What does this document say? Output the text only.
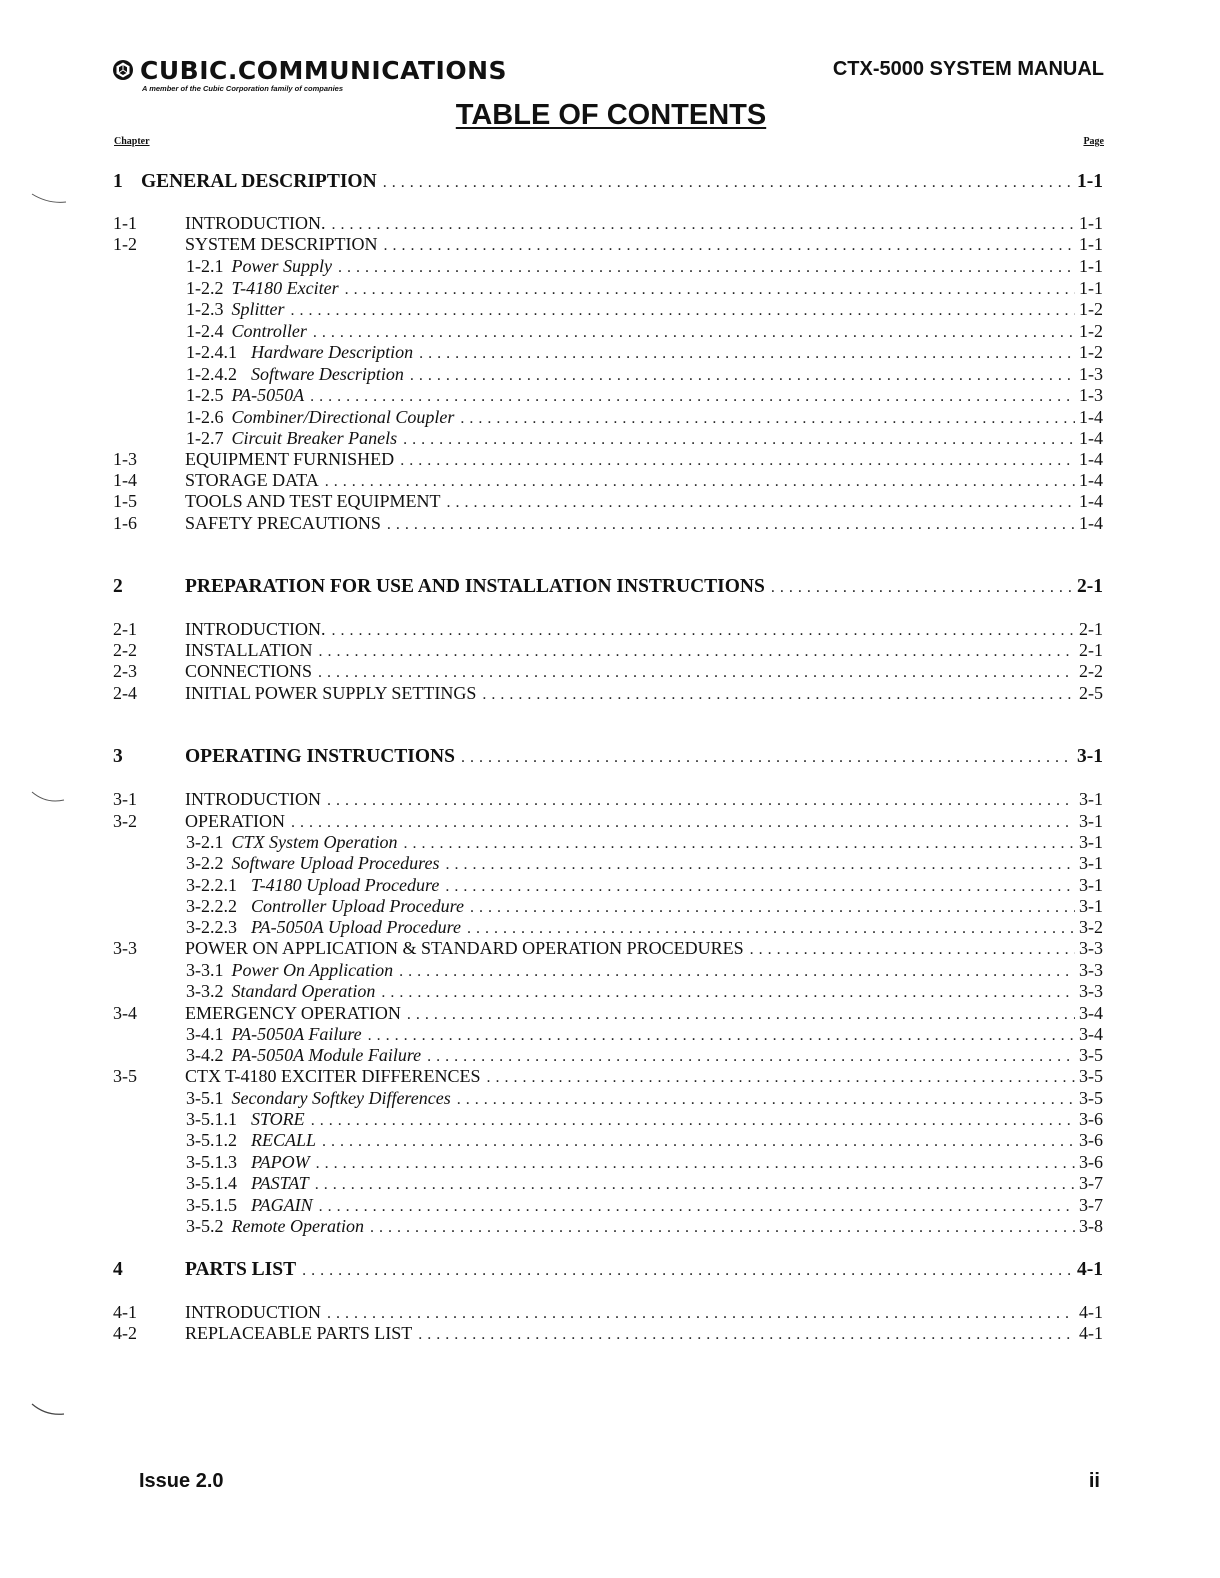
CUBIC.COMMUNICATIONS
A member of the Cubic Corporation family of companies
CTX-5000 SYSTEM MANUAL
TABLE OF CONTENTS
Chapter	Page
1 GENERAL DESCRIPTION . . .	1-1
1-1	INTRODUCTION. . . .	1-1
1-2	SYSTEM DESCRIPTION . . .	1-1
1-2.1 Power Supply . . .	1-1
1-2.2 T-4180 Exciter . . .	1-1
1-2.3 Splitter . . .	1-2
1-2.4 Controller . . .	1-2
1-2.4.1 Hardware Description . . .	1-2
1-2.4.2 Software Description . . .	1-3
1-2.5 PA-5050A . . .	1-3
1-2.6 Combiner/Directional Coupler . . .	1-4
1-2.7 Circuit Breaker Panels . . .	1-4
1-3	EQUIPMENT FURNISHED . . .	1-4
1-4	STORAGE DATA . . .	1-4
1-5	TOOLS AND TEST EQUIPMENT . . .	1-4
1-6	SAFETY PRECAUTIONS . . .	1-4
2	PREPARATION FOR USE AND INSTALLATION INSTRUCTIONS . . .	2-1
2-1	INTRODUCTION. . . .	2-1
2-2	INSTALLATION . . .	2-1
2-3	CONNECTIONS . . .	2-2
2-4	INITIAL POWER SUPPLY SETTINGS . . .	2-5
3	OPERATING INSTRUCTIONS . . .	3-1
3-1	INTRODUCTION . . .	3-1
3-2	OPERATION . . .	3-1
3-2.1 CTX System Operation . . .	3-1
3-2.2 Software Upload Procedures . . .	3-1
3-2.2.1 T-4180 Upload Procedure . . .	3-1
3-2.2.2 Controller Upload Procedure . . .	3-1
3-2.2.3 PA-5050A Upload Procedure . . .	3-2
3-3	POWER ON APPLICATION & STANDARD OPERATION PROCEDURES . . .	3-3
3-3.1 Power On Application . . .	3-3
3-3.2 Standard Operation . . .	3-3
3-4	EMERGENCY OPERATION . . .	3-4
3-4.1 PA-5050A Failure . . .	3-4
3-4.2 PA-5050A Module Failure . . .	3-5
3-5	CTX T-4180 EXCITER DIFFERENCES . . .	3-5
3-5.1 Secondary Softkey Differences . . .	3-5
3-5.1.1 STORE . . .	3-6
3-5.1.2 RECALL . . .	3-6
3-5.1.3 PAPOW . . .	3-6
3-5.1.4 PASTAT . . .	3-7
3-5.1.5 PAGAIN . . .	3-7
3-5.2 Remote Operation . . .	3-8
4	PARTS LIST . . .	4-1
4-1	INTRODUCTION . . .	4-1
4-2	REPLACEABLE PARTS LIST . . .	4-1
Issue 2.0	ii
